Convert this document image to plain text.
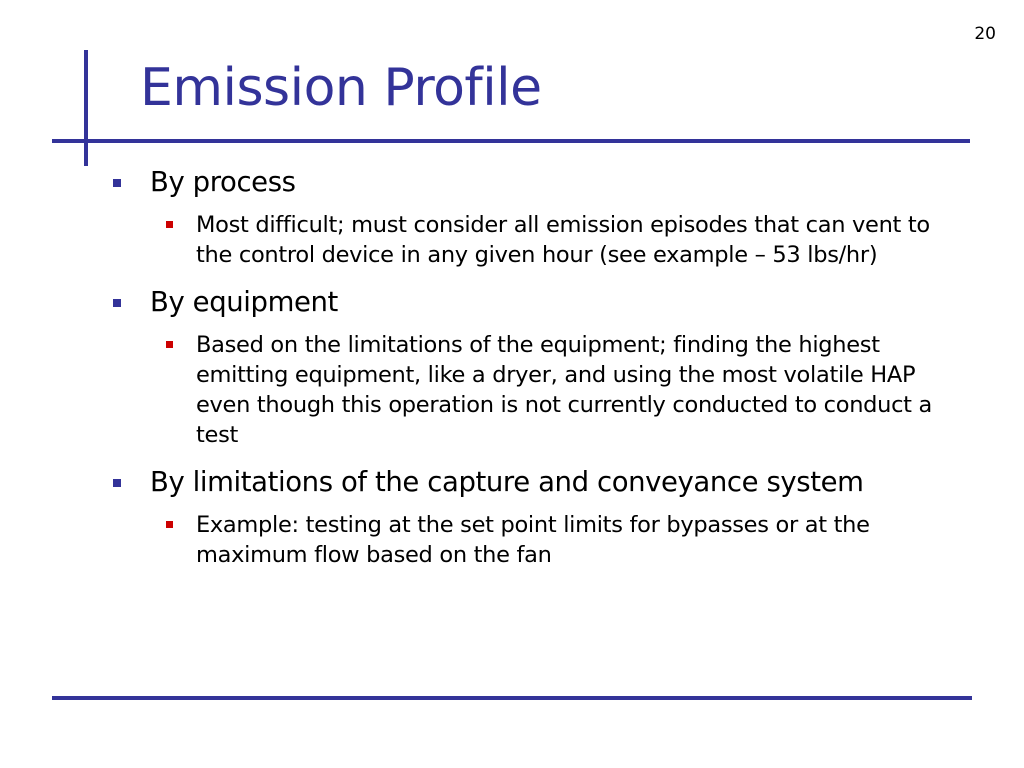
20
Emission Profile
By process
Most difficult; must consider all emission episodes that can vent to the control device in any given hour (see example – 53 lbs/hr)
By equipment
Based on the limitations of the equipment; finding the highest emitting equipment, like a dryer, and using the most volatile HAP even though this operation is not currently conducted to conduct a test
By limitations of the capture and conveyance system
Example: testing at the set point limits for bypasses or at the maximum flow based on the fan
